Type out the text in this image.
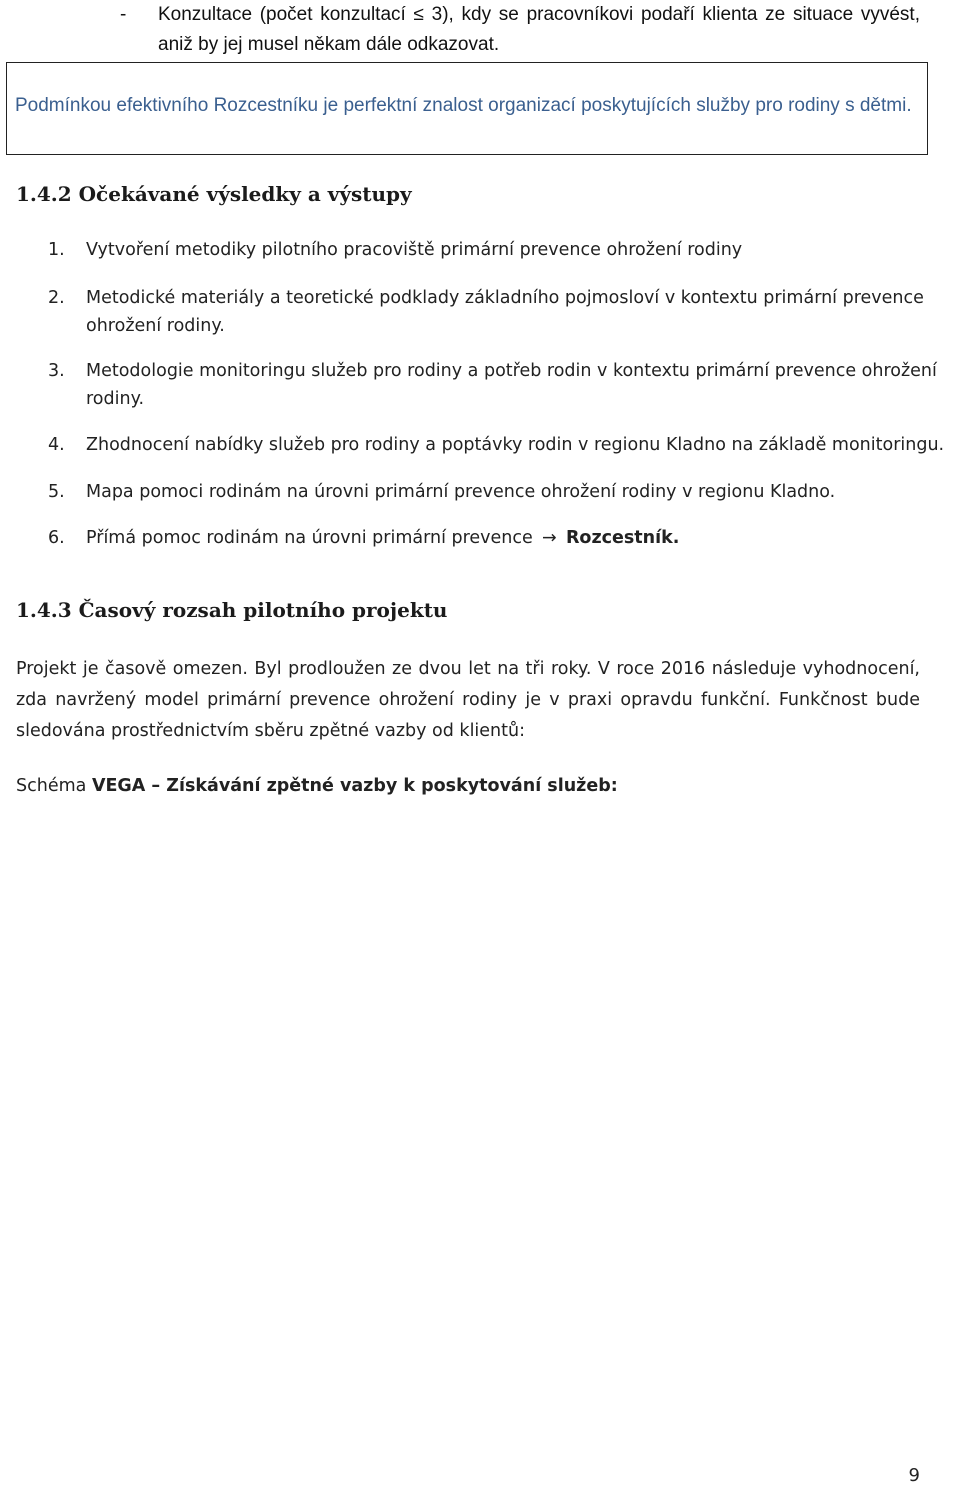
-	Konzultace (počet konzultací ≤ 3), kdy se pracovníkovi podaří klienta ze situace vyvést, aniž by jej musel někam dále odkazovat.
Podmínkou efektivního Rozcestníku je perfektní znalost organizací poskytujících služby pro rodiny s dětmi.
1.4.2 Očekávané výsledky a výstupy
1.	Vytvoření metodiky pilotního pracoviště primární prevence ohrožení rodiny
2.	Metodické materiály a teoretické podklady základního pojmosloví v kontextu primární prevence ohrožení rodiny.
3.	Metodologie monitoringu služeb pro rodiny a potřeb rodin v kontextu primární prevence ohrožení rodiny.
4.	Zhodnocení nabídky služeb pro rodiny a poptávky rodin v regionu Kladno na základě monitoringu.
5.	Mapa pomoci rodinám na úrovni primární prevence ohrožení rodiny v regionu Kladno.
6.	Přímá pomoc rodinám na úrovni primární prevence → Rozcestník.
1.4.3 Časový rozsah pilotního projektu
Projekt je časově omezen. Byl prodloužen ze dvou let na tři roky. V roce 2016 následuje vyhodnocení, zda navržený model primární prevence ohrožení rodiny je v praxi opravdu funkční. Funkčnost bude sledována prostřednictvím sběru zpětné vazby od klientů:
Schéma VEGA – Získávání zpětné vazby k poskytování služeb:
9
